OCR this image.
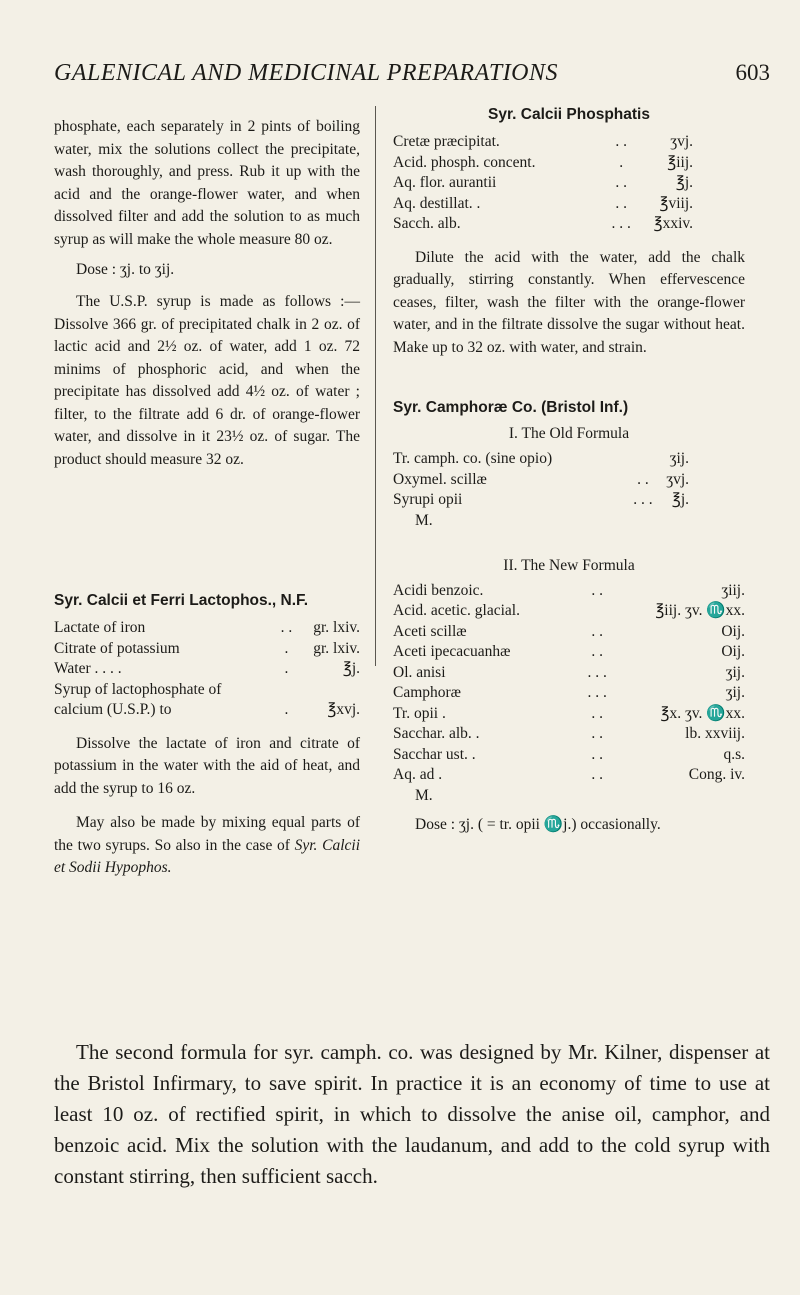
GALENICAL AND MEDICINAL PREPARATIONS	603

phosphate, each separately in 2 pints of boiling water, mix the solutions collect the precipitate, wash thoroughly, and press. Rub it up with the acid and the orange-flower water, and when dissolved filter and add the solution to as much syrup as will make the whole measure 80 oz.

Dose : ʒj. to ʒij.

The U.S.P. syrup is made as follows :—Dissolve 366 gr. of precipitated chalk in 2 oz. of lactic acid and 2½ oz. of water, add 1 oz. 72 minims of phosphoric acid, and when the precipitate has dissolved add 4½ oz. of water ; filter, to the filtrate add 6 dr. of orange-flower water, and dissolve in it 23½ oz. of sugar. The product should measure 32 oz.

Syr. Calcii et Ferri Lactophos., N.F.
Lactate of iron	. .	gr. lxiv.
Citrate of potassium	.	gr. lxiv.
Water . . . .	.	℥j.
Syrup of lactophosphate of		
calcium (U.S.P.) to	.	℥xvj.

Dissolve the lactate of iron and citrate of potassium in the water with the aid of heat, and add the syrup to 16 oz.

May also be made by mixing equal parts of the two syrups. So also in the case of Syr. Calcii et Sodii Hypophos.

Syr. Calcii Phosphatis
Cretæ præcipitat.	. .	ʒvj.
Acid. phosph. concent.	.	℥iij.
Aq. flor. aurantii	. .	℥j.
Aq. destillat. .	. .	℥viij.
Sacch. alb.	. . .	℥xxiv.

Dilute the acid with the water, add the chalk gradually, stirring constantly. When effervescence ceases, filter, wash the filter with the orange-flower water, and in the filtrate dissolve the sugar without heat. Make up to 32 oz. with water, and strain.

Syr. Camphoræ Co. (Bristol Inf.)
I. The Old Formula
Tr. camph. co. (sine opio)		ʒij.
Oxymel. scillæ	. .	ʒvj.
Syrupi opii	. . .	℥j.
M.
II. The New Formula
Acidi benzoic.	. .	ʒiij.
Acid. acetic. glacial.		℥iij. ʒv. ♏xx.
Aceti scillæ	. .	Oij.
Aceti ipecacuanhæ	. .	Oij.
Ol. anisi	. . .	ʒij.
Camphoræ	. . .	ʒij.
Tr. opii .	. .	℥x. ʒv. ♏xx.
Sacchar. alb. .	. .	lb. xxviij.
Sacchar ust. .	. .	q.s.
Aq. ad .	. .	Cong. iv.
M.

Dose : ʒj. ( = tr. opii ♏j.) occasionally.

The second formula for syr. camph. co. was designed by Mr. Kilner, dispenser at the Bristol Infirmary, to save spirit. In practice it is an economy of time to use at least 10 oz. of rectified spirit, in which to dissolve the anise oil, camphor, and benzoic acid. Mix the solution with the laudanum, and add to the cold syrup with constant stirring, then sufficient sacch.
